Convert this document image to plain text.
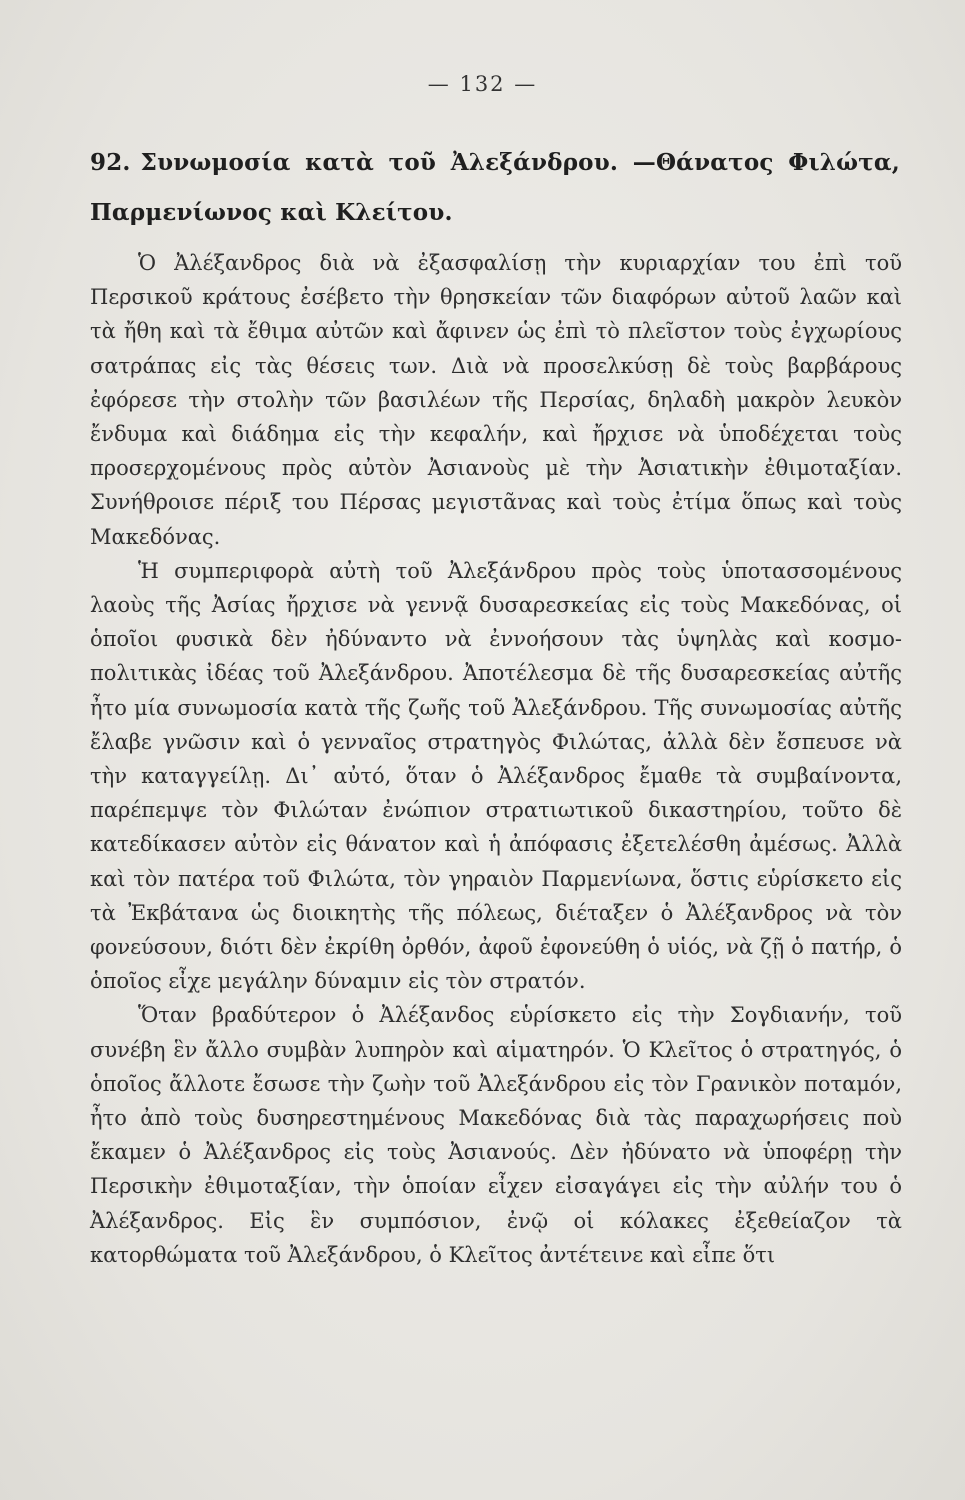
— 132 —
92. Συνωμοσία κατὰ τοῦ Ἀλεξάνδρου. —Θάνατος Φιλώτα, Παρμενίωνος καὶ Κλείτου.

Ὁ Ἀλέξανδρος διὰ νὰ ἐξασφαλίσῃ τὴν κυριαρχίαν του ἐπὶ τοῦ Περσικοῦ κράτους ἐσέβετο τὴν θρησκείαν τῶν διαφόρων αὐτοῦ λαῶν καὶ τὰ ἤθη καὶ τὰ ἔθιμα αὐτῶν καὶ ἄφινεν ὡς ἐπὶ τὸ πλεῖστον τοὺς ἐγχωρίους σατράπας εἰς τὰς θέσεις των. Διὰ νὰ προσελκύσῃ δὲ τοὺς βαρβάρους ἐφόρεσε τὴν στολὴν τῶν βασιλέων τῆς Περσίας, δηλαδὴ μακρὸν λευκὸν ἔνδυμα καὶ διάδημα εἰς τὴν κεφαλήν, καὶ ἤρχισε νὰ ὑποδέχεται τοὺς προσερχομένους πρὸς αὐτὸν Ἀσιανοὺς μὲ τὴν Ἀσιατικὴν ἐθιμοταξίαν. Συνήθροισε πέριξ του Πέρσας μεγιστᾶνας καὶ τοὺς ἐτίμα ὅπως καὶ τοὺς Μακεδόνας.

Ἡ συμπεριφορὰ αὐτὴ τοῦ Ἀλεξάνδρου πρὸς τοὺς ὑποτασσομένους λαοὺς τῆς Ἀσίας ἤρχισε νὰ γεννᾷ δυσαρεσκείας εἰς τοὺς Μακεδόνας, οἱ ὁποῖοι φυσικὰ δὲν ἠδύναντο νὰ ἐννοήσουν τὰς ὑψηλὰς καὶ κοσμοπολιτικὰς ἰδέας τοῦ Ἀλεξάνδρου. Ἀποτέλεσμα δὲ τῆς δυσαρεσκείας αὐτῆς ἦτο μία συνωμοσία κατὰ τῆς ζωῆς τοῦ Ἀλεξάνδρου. Τῆς συνωμοσίας αὐτῆς ἔλαβε γνῶσιν καὶ ὁ γενναῖος στρατηγὸς Φιλώτας, ἀλλὰ δὲν ἔσπευσε νὰ τὴν καταγγείλῃ. Δι᾽ αὐτό, ὅταν ὁ Ἀλέξανδρος ἔμαθε τὰ συμβαίνοντα, παρέπεμψε τὸν Φιλώταν ἐνώπιον στρατιωτικοῦ δικαστηρίου, τοῦτο δὲ κατεδίκασεν αὐτὸν εἰς θάνατον καὶ ἡ ἀπόφασις ἐξετελέσθη ἀμέσως. Ἀλλὰ καὶ τὸν πατέρα τοῦ Φιλώτα, τὸν γηραιὸν Παρμενίωνα, ὅστις εὑρίσκετο εἰς τὰ Ἐκβάτανα ὡς διοικητὴς τῆς πόλεως, διέταξεν ὁ Ἀλέξανδρος νὰ τὸν φονεύσουν, διότι δὲν ἐκρίθη ὀρθόν, ἀφοῦ ἐφονεύθη ὁ υἱός, νὰ ζῇ ὁ πατήρ, ὁ ὁποῖος εἶχε μεγάλην δύναμιν εἰς τὸν στρατόν.

Ὅταν βραδύτερον ὁ Ἀλέξανδος εὑρίσκετο εἰς τὴν Σογδιανήν, τοῦ συνέβη ἓν ἄλλο συμβὰν λυπηρὸν καὶ αἱματηρόν. Ὁ Κλεῖτος ὁ στρατηγός, ὁ ὁποῖος ἄλλοτε ἔσωσε τὴν ζωὴν τοῦ Ἀλεξάνδρου εἰς τὸν Γρανικὸν ποταμόν, ἦτο ἀπὸ τοὺς δυσηρεστημένους Μακεδόνας διὰ τὰς παραχωρήσεις ποὺ ἔκαμεν ὁ Ἀλέξανδρος εἰς τοὺς Ἀσιανούς. Δὲν ἠδύνατο νὰ ὑποφέρῃ τὴν Περσικὴν ἐθιμοταξίαν, τὴν ὁποίαν εἶχεν εἰσαγάγει εἰς τὴν αὐλήν του ὁ Ἀλέξανδρος. Εἰς ἓν συμπόσιον, ἐνῷ οἱ κόλακες ἐξεθείαζον τὰ κατορθώματα τοῦ Ἀλεξάνδρου, ὁ Κλεῖτος ἀντέτεινε καὶ εἶπε ὅτι
